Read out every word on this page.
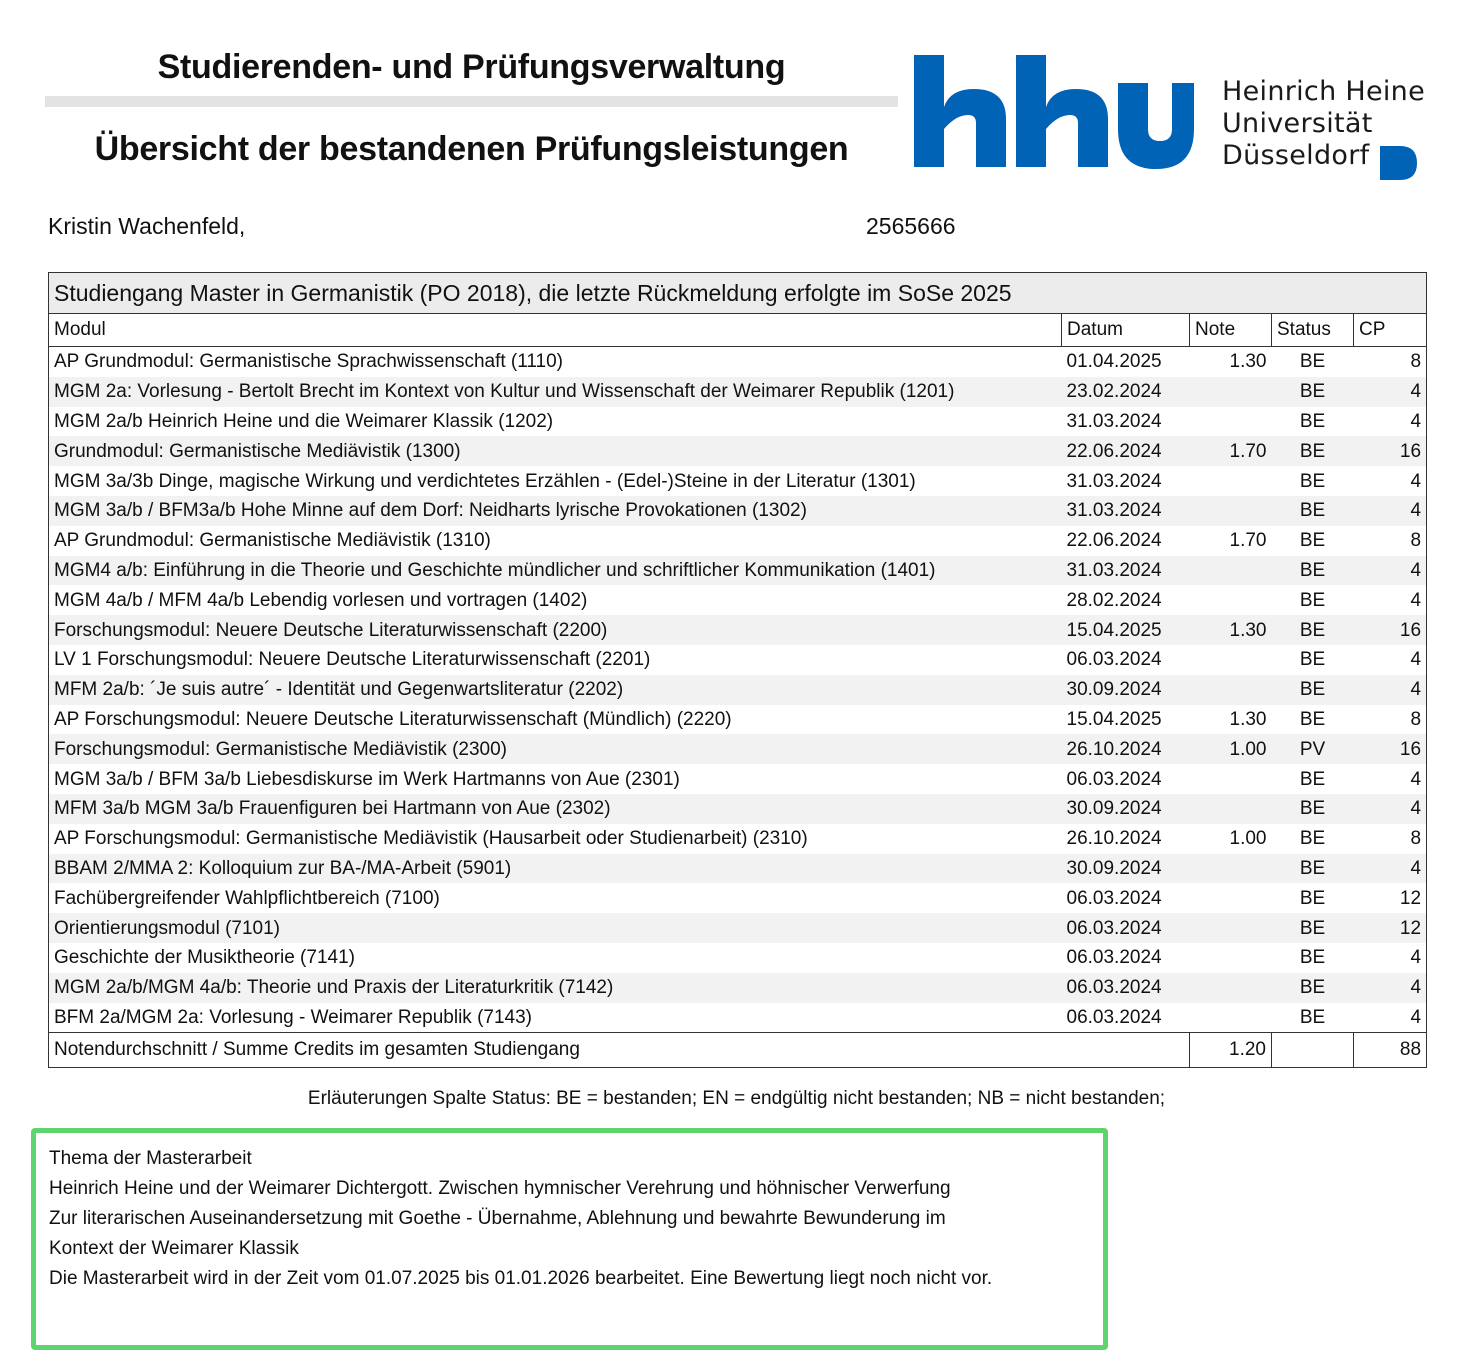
Studierenden- und Prüfungsverwaltung
Übersicht der bestandenen Prüfungsleistungen
Heinrich Heine
Universität
Düsseldorf
Kristin Wachenfeld,	2565666
Studiengang Master in Germanistik (PO 2018), die letzte Rückmeldung erfolgte im SoSe 2025				
Modul	Datum	Note	Status	CP
AP Grundmodul: Germanistische Sprachwissenschaft (1110)	01.04.2025	1.30	BE	8
MGM 2a: Vorlesung - Bertolt Brecht im Kontext von Kultur und Wissenschaft der Weimarer Republik (1201)	23.02.2024		BE	4
MGM 2a/b Heinrich Heine und die Weimarer Klassik (1202)	31.03.2024		BE	4
Grundmodul: Germanistische Mediävistik (1300)	22.06.2024	1.70	BE	16
MGM 3a/3b Dinge, magische Wirkung und verdichtetes Erzählen - (Edel-)Steine in der Literatur (1301)	31.03.2024		BE	4
MGM 3a/b / BFM3a/b Hohe Minne auf dem Dorf: Neidharts lyrische Provokationen (1302)	31.03.2024		BE	4
AP Grundmodul: Germanistische Mediävistik (1310)	22.06.2024	1.70	BE	8
MGM4 a/b: Einführung in die Theorie und Geschichte mündlicher und schriftlicher Kommunikation (1401)	31.03.2024		BE	4
MGM 4a/b / MFM 4a/b Lebendig vorlesen und vortragen (1402)	28.02.2024		BE	4
Forschungsmodul: Neuere Deutsche Literaturwissenschaft (2200)	15.04.2025	1.30	BE	16
LV 1 Forschungsmodul: Neuere Deutsche Literaturwissenschaft (2201)	06.03.2024		BE	4
MFM 2a/b: ´Je suis autre´ - Identität und Gegenwartsliteratur (2202)	30.09.2024		BE	4
AP Forschungsmodul: Neuere Deutsche Literaturwissenschaft (Mündlich) (2220)	15.04.2025	1.30	BE	8
Forschungsmodul: Germanistische Mediävistik (2300)	26.10.2024	1.00	PV	16
MGM 3a/b / BFM 3a/b Liebesdiskurse im Werk Hartmanns von Aue (2301)	06.03.2024		BE	4
MFM 3a/b MGM 3a/b Frauenfiguren bei Hartmann von Aue (2302)	30.09.2024		BE	4
AP Forschungsmodul: Germanistische Mediävistik (Hausarbeit oder Studienarbeit) (2310)	26.10.2024	1.00	BE	8
BBAM 2/MMA 2: Kolloquium zur BA-/MA-Arbeit (5901)	30.09.2024		BE	4
Fachübergreifender Wahlpflichtbereich (7100)	06.03.2024		BE	12
Orientierungsmodul (7101)	06.03.2024		BE	12
Geschichte der Musiktheorie (7141)	06.03.2024		BE	4
MGM 2a/b/MGM 4a/b: Theorie und Praxis der Literaturkritik (7142)	06.03.2024		BE	4
BFM 2a/MGM 2a: Vorlesung - Weimarer Republik (7143)	06.03.2024		BE	4
Notendurchschnitt / Summe Credits im gesamten Studiengang		1.20		88
Erläuterungen Spalte Status: BE = bestanden; EN = endgültig nicht bestanden; NB = nicht bestanden;
Thema der Masterarbeit
Heinrich Heine und der Weimarer Dichtergott. Zwischen hymnischer Verehrung und höhnischer Verwerfung
Zur literarischen Auseinandersetzung mit Goethe - Übernahme, Ablehnung und bewahrte Bewunderung im
Kontext der Weimarer Klassik
Die Masterarbeit wird in der Zeit vom 01.07.2025 bis 01.01.2026 bearbeitet. Eine Bewertung liegt noch nicht vor.
